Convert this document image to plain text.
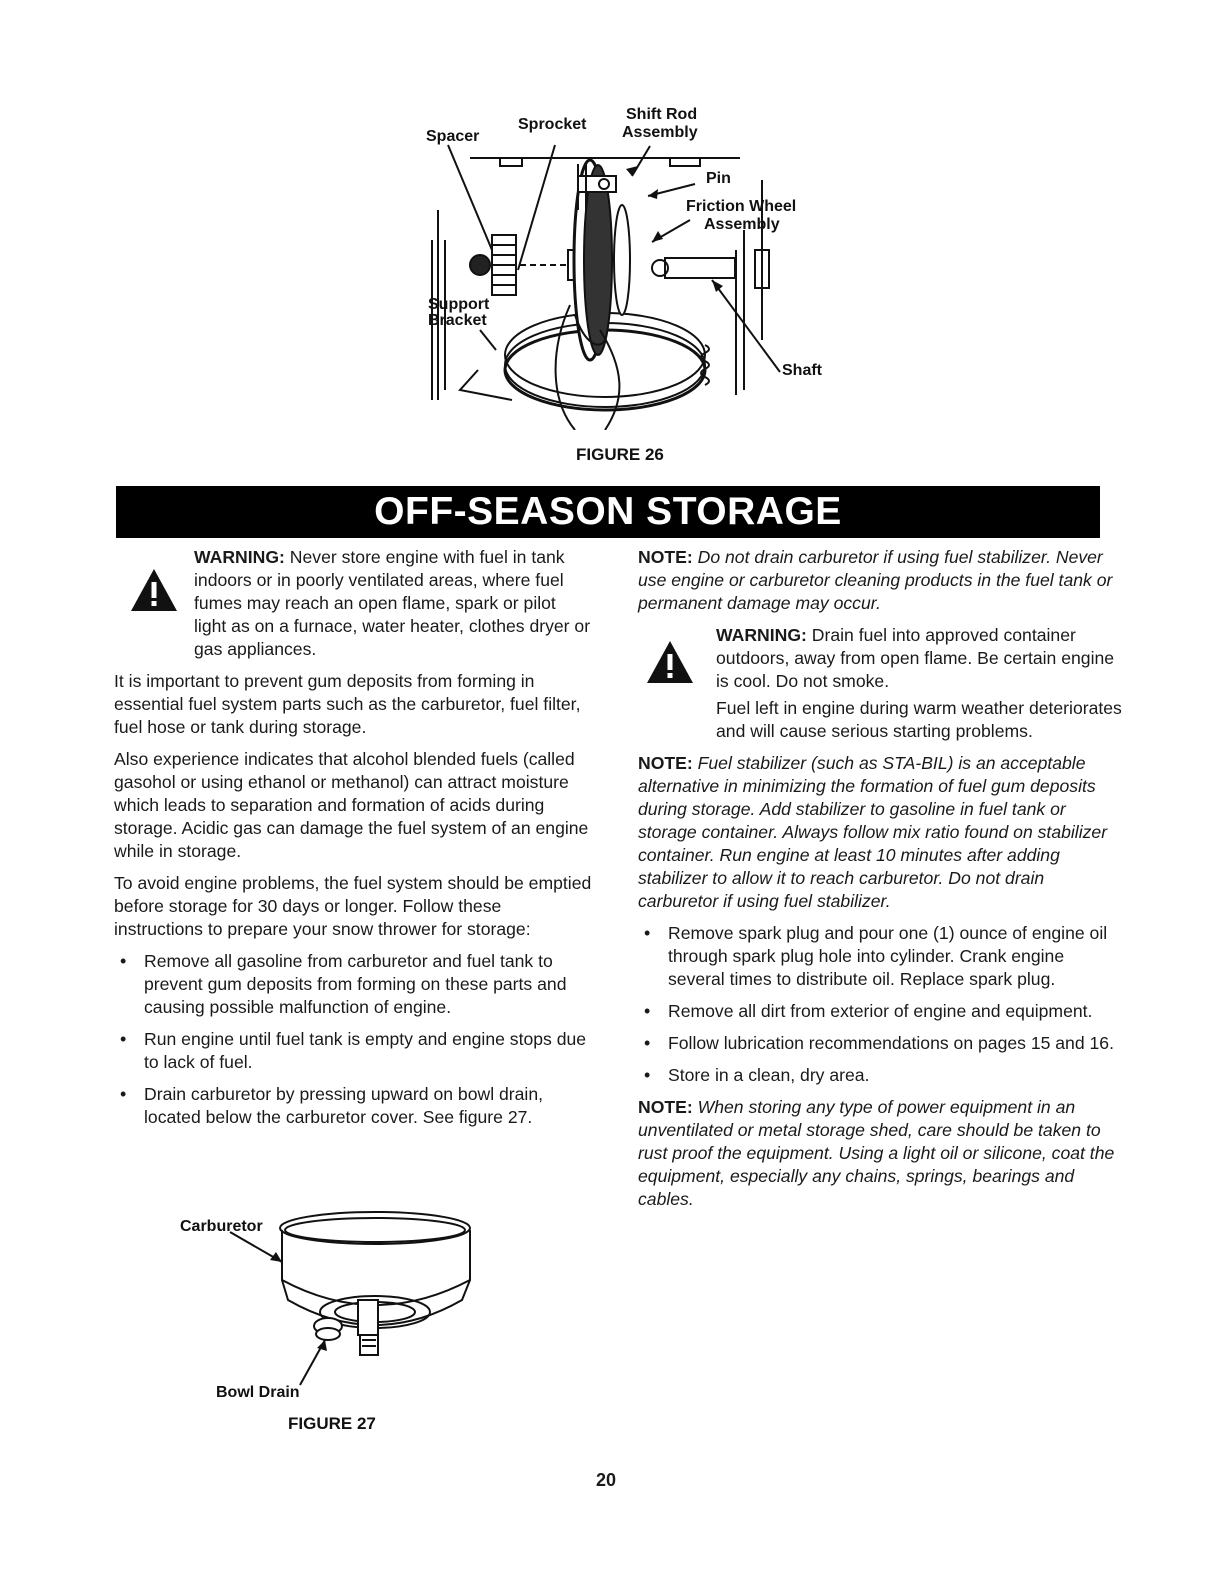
Spacer
Sprocket
Shift Rod
Assembly
Pin
Friction Wheel
Assembly
Support
Bracket
Shaft
FIGURE 26
OFF-SEASON STORAGE

WARNING: Never store engine with fuel in tank indoors or in poorly ventilated areas, where fuel fumes may reach an open flame, spark or pilot light as on a furnace, water heater, clothes dryer or gas appliances.

It is important to prevent gum deposits from forming in essential fuel system parts such as the carburetor, fuel filter, fuel hose or tank during storage.

Also experience indicates that alcohol blended fuels (called gasohol or using ethanol or methanol) can attract moisture which leads to separation and formation of acids during storage. Acidic gas can damage the fuel system of an engine while in storage.

To avoid engine problems, the fuel system should be emptied before storage for 30 days or longer. Follow these instructions to prepare your snow thrower for storage:

• Remove all gasoline from carburetor and fuel tank to prevent gum deposits from forming on these parts and causing possible malfunction of engine.
• Run engine until fuel tank is empty and engine stops due to lack of fuel.
• Drain carburetor by pressing upward on bowl drain, located below the carburetor cover. See figure 27.
Carburetor
Bowl Drain
FIGURE 27

NOTE: Do not drain carburetor if using fuel stabilizer. Never use engine or carburetor cleaning products in the fuel tank or permanent damage may occur.

WARNING: Drain fuel into approved container outdoors, away from open flame. Be certain engine is cool. Do not smoke.

Fuel left in engine during warm weather deteriorates and will cause serious starting problems.

NOTE: Fuel stabilizer (such as STA-BIL) is an acceptable alternative in minimizing the formation of fuel gum deposits during storage. Add stabilizer to gasoline in fuel tank or storage container. Always follow mix ratio found on stabilizer container. Run engine at least 10 minutes after adding stabilizer to allow it to reach carburetor. Do not drain carburetor if using fuel stabilizer.

• Remove spark plug and pour one (1) ounce of engine oil through spark plug hole into cylinder. Crank engine several times to distribute oil. Replace spark plug.
• Remove all dirt from exterior of engine and equipment.
• Follow lubrication recommendations on pages 15 and 16.
• Store in a clean, dry area.

NOTE: When storing any type of power equipment in an unventilated or metal storage shed, care should be taken to rust proof the equipment. Using a light oil or silicone, coat the equipment, especially any chains, springs, bearings and cables.

20
